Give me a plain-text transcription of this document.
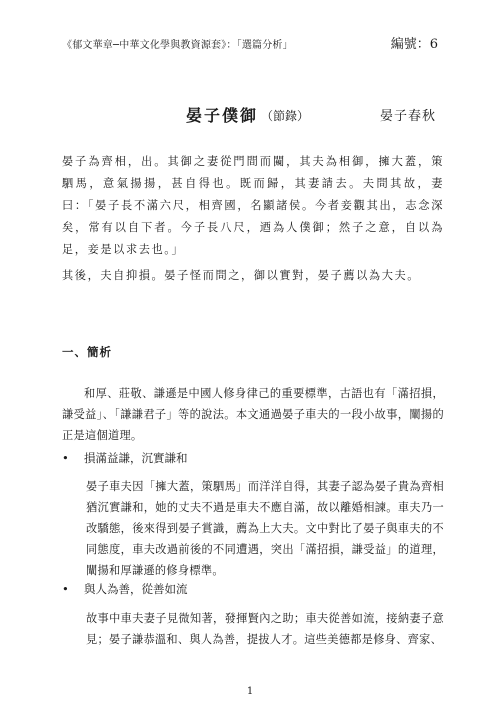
《郁文華章─中華文化學與教資源套》：「選篇分析」	編號：6
晏子僕御 （節錄）	晏子春秋

晏子為齊相，出。其御之妻從門間而闚，其夫為相御，擁大蓋，策駟馬，意氣揚揚，甚自得也。既而歸，其妻請去。夫問其故，妻曰：「晏子長不滿六尺，相齊國，名顯諸侯。今者妾觀其出，志念深矣，常有以自下者。今子長八尺，迺為人僕御；然子之意，自以為足，妾是以求去也。」

其後，夫自抑損。晏子怪而問之，御以實對，晏子薦以為大夫。

一、簡析

和厚、莊敬、謙遜是中國人修身律己的重要標準，古語也有「滿招損，謙受益」、「謙謙君子」等的說法。本文通過晏子車夫的一段小故事，闡揚的正是這個道理。

• 損滿益謙，沉實謙和

晏子車夫因「擁大蓋，策駟馬」而洋洋自得，其妻子認為晏子貴為齊相猶沉實謙和，她的丈夫不過是車夫不應自滿，故以離婚相諫。車夫乃一改驕態，後來得到晏子賞識，薦為上大夫。文中對比了晏子與車夫的不同態度，車夫改過前後的不同遭遇，突出「滿招損，謙受益」的道理，闡揚和厚謙遜的修身標準。

• 與人為善，從善如流

故事中車夫妻子見微知著，發揮賢內之助；車夫從善如流，接納妻子意見；晏子謙恭溫和、與人為善，提拔人才。這些美德都是修身、齊家、

1
